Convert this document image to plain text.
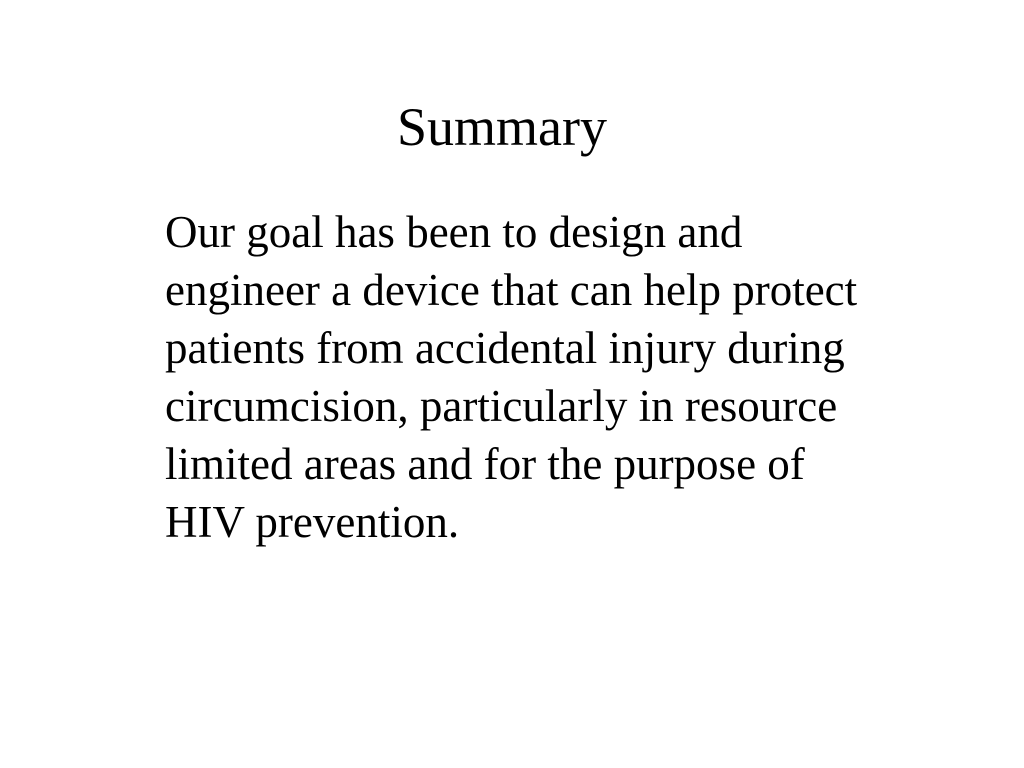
Summary
Our goal has been to design and
engineer a device that can help protect
patients from accidental injury during
circumcision, particularly in resource
limited areas and for the purpose of
HIV prevention.
